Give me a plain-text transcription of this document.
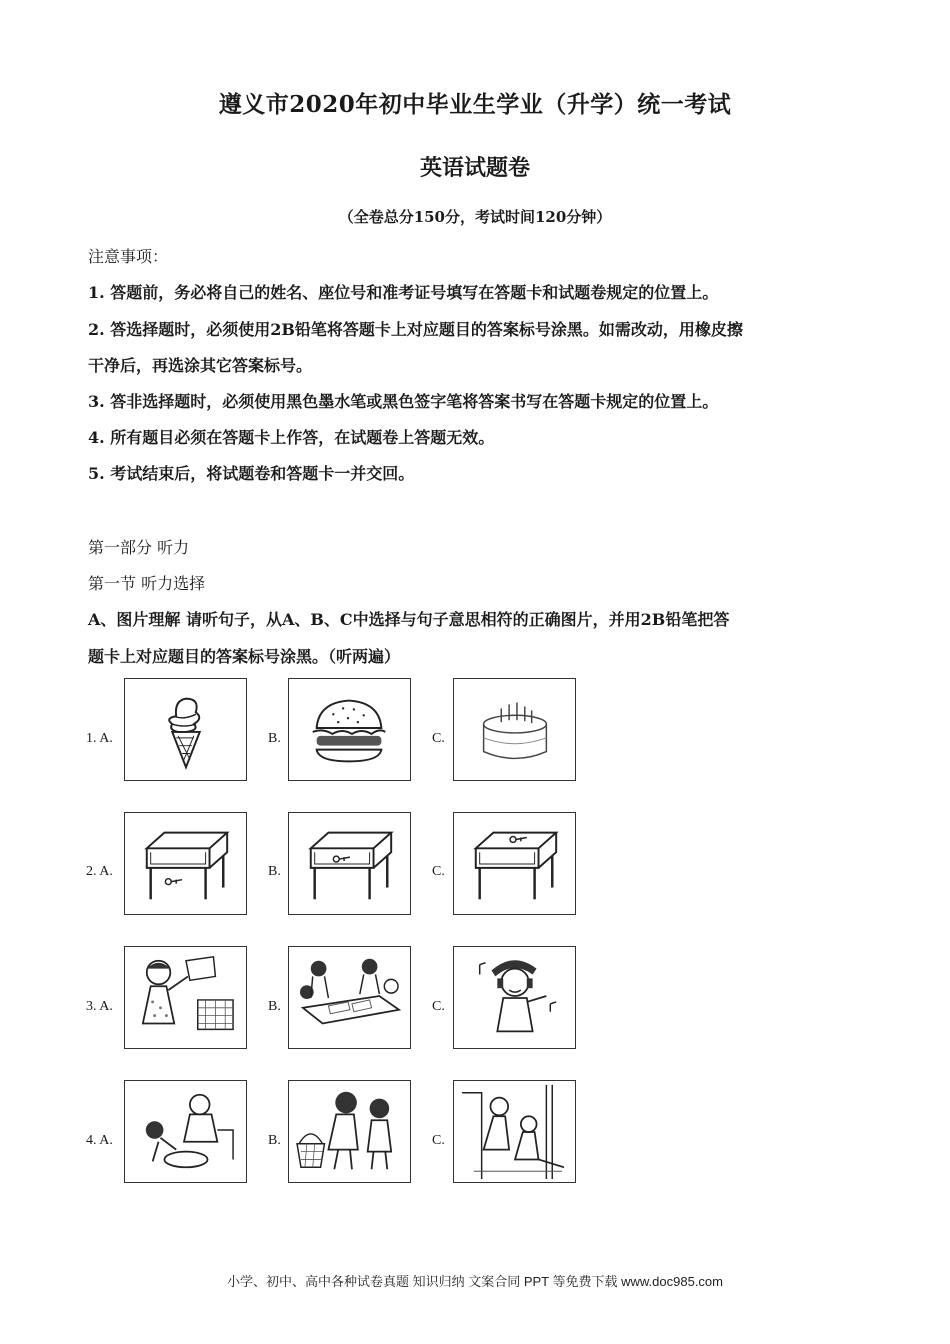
遵义市2020年初中毕业生学业（升学）统一考试
英语试题卷
（全卷总分150分，考试时间120分钟）
注意事项：
1. 答题前，务必将自己的姓名、座位号和准考证号填写在答题卡和试题卷规定的位置上。
2. 答选择题时，必须使用2B铅笔将答题卡上对应题目的答案标号涂黑。如需改动，用橡皮擦
干净后，再选涂其它答案标号。
3. 答非选择题时，必须使用黑色墨水笔或黑色签字笔将答案书写在答题卡规定的位置上。
4. 所有题目必须在答题卡上作答，在试题卷上答题无效。
5. 考试结束后，将试题卷和答题卡一并交回。
第一部分 听力
第一节 听力选择
A、图片理解 请听句子，从A、B、C中选择与句子意思相符的正确图片，并用2B铅笔把答
题卡上对应题目的答案标号涂黑。（听两遍）
1. A.	B.	C.
2. A.	B.	C.
3. A.	B.	C.
4. A.	B.	C.
小学、初中、高中各种试卷真题 知识归纳 文案合同 PPT 等免费下载 www.doc985.com
